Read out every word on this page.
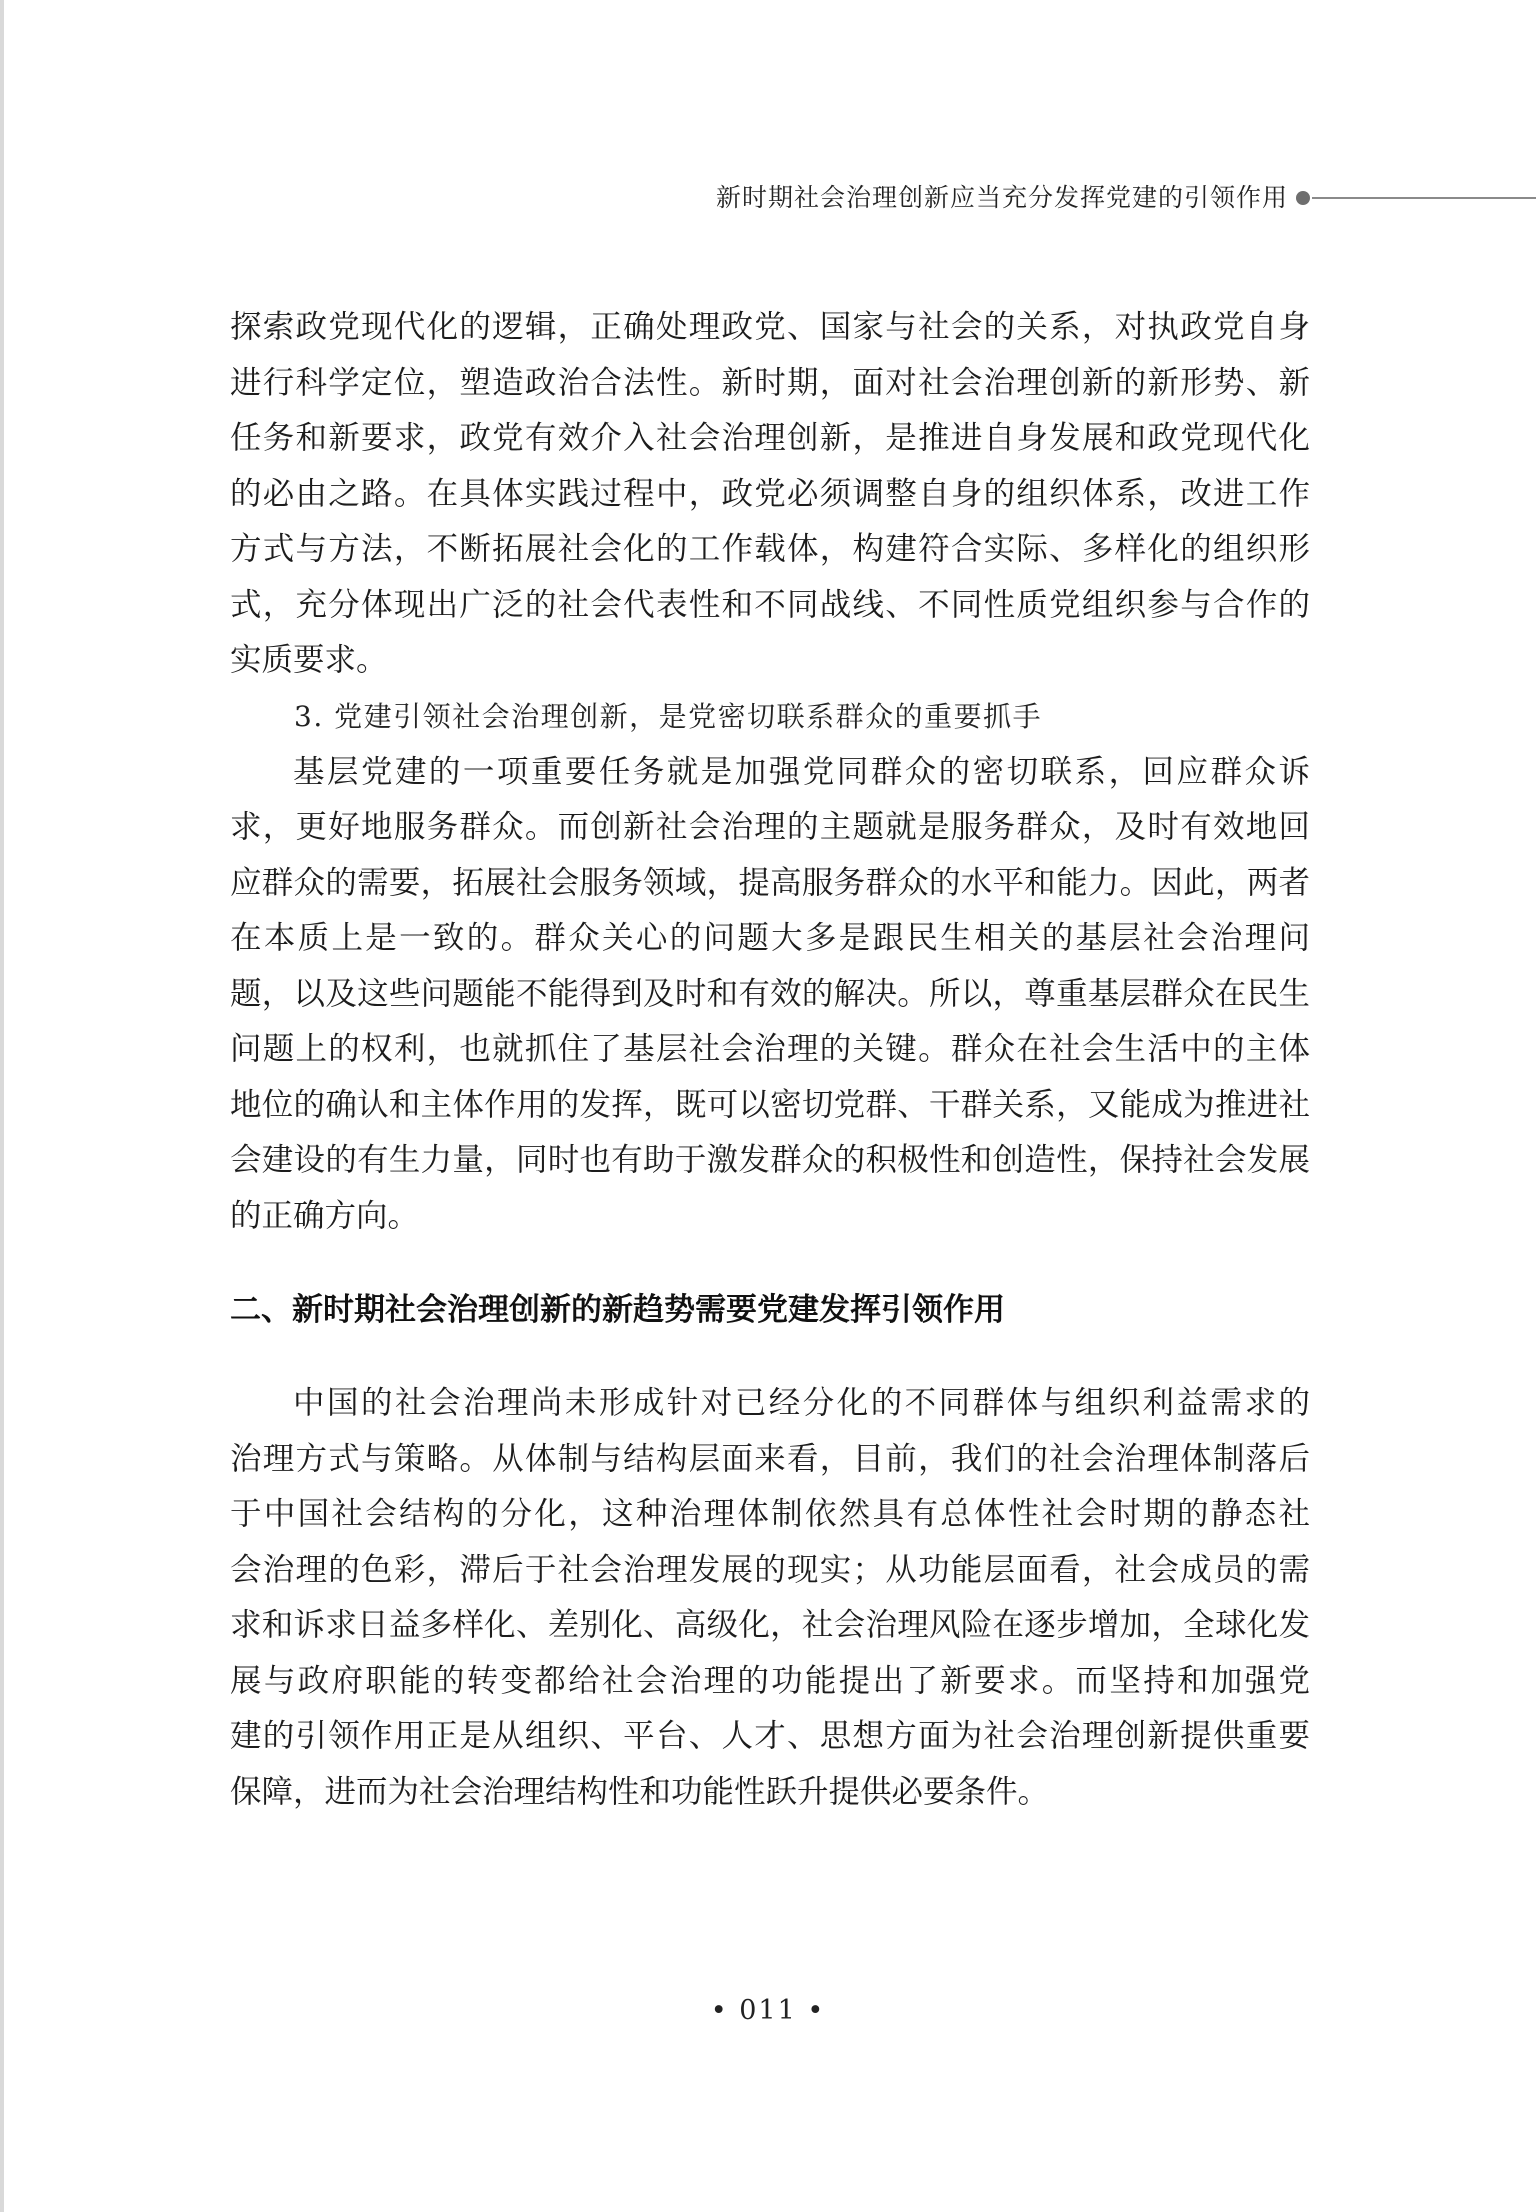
新时期社会治理创新应当充分发挥党建的引领作用
探索政党现代化的逻辑，正确处理政党、国家与社会的关系，对执政党自身
进行科学定位，塑造政治合法性。新时期，面对社会治理创新的新形势、新
任务和新要求，政党有效介入社会治理创新，是推进自身发展和政党现代化
的必由之路。在具体实践过程中，政党必须调整自身的组织体系，改进工作
方式与方法，不断拓展社会化的工作载体，构建符合实际、多样化的组织形
式，充分体现出广泛的社会代表性和不同战线、不同性质党组织参与合作的
实质要求。
3. 党建引领社会治理创新，是党密切联系群众的重要抓手
基层党建的一项重要任务就是加强党同群众的密切联系，回应群众诉
求，更好地服务群众。而创新社会治理的主题就是服务群众，及时有效地回
应群众的需要，拓展社会服务领域，提高服务群众的水平和能力。因此，两者
在本质上是一致的。群众关心的问题大多是跟民生相关的基层社会治理问
题，以及这些问题能不能得到及时和有效的解决。所以，尊重基层群众在民生
问题上的权利，也就抓住了基层社会治理的关键。群众在社会生活中的主体
地位的确认和主体作用的发挥，既可以密切党群、干群关系，又能成为推进社
会建设的有生力量，同时也有助于激发群众的积极性和创造性，保持社会发展
的正确方向。
二、新时期社会治理创新的新趋势需要党建发挥引领作用
中国的社会治理尚未形成针对已经分化的不同群体与组织利益需求的
治理方式与策略。从体制与结构层面来看，目前，我们的社会治理体制落后
于中国社会结构的分化，这种治理体制依然具有总体性社会时期的静态社
会治理的色彩，滞后于社会治理发展的现实；从功能层面看，社会成员的需
求和诉求日益多样化、差别化、高级化，社会治理风险在逐步增加，全球化发
展与政府职能的转变都给社会治理的功能提出了新要求。而坚持和加强党
建的引领作用正是从组织、平台、人才、思想方面为社会治理创新提供重要
保障，进而为社会治理结构性和功能性跃升提供必要条件。
• 011 •
